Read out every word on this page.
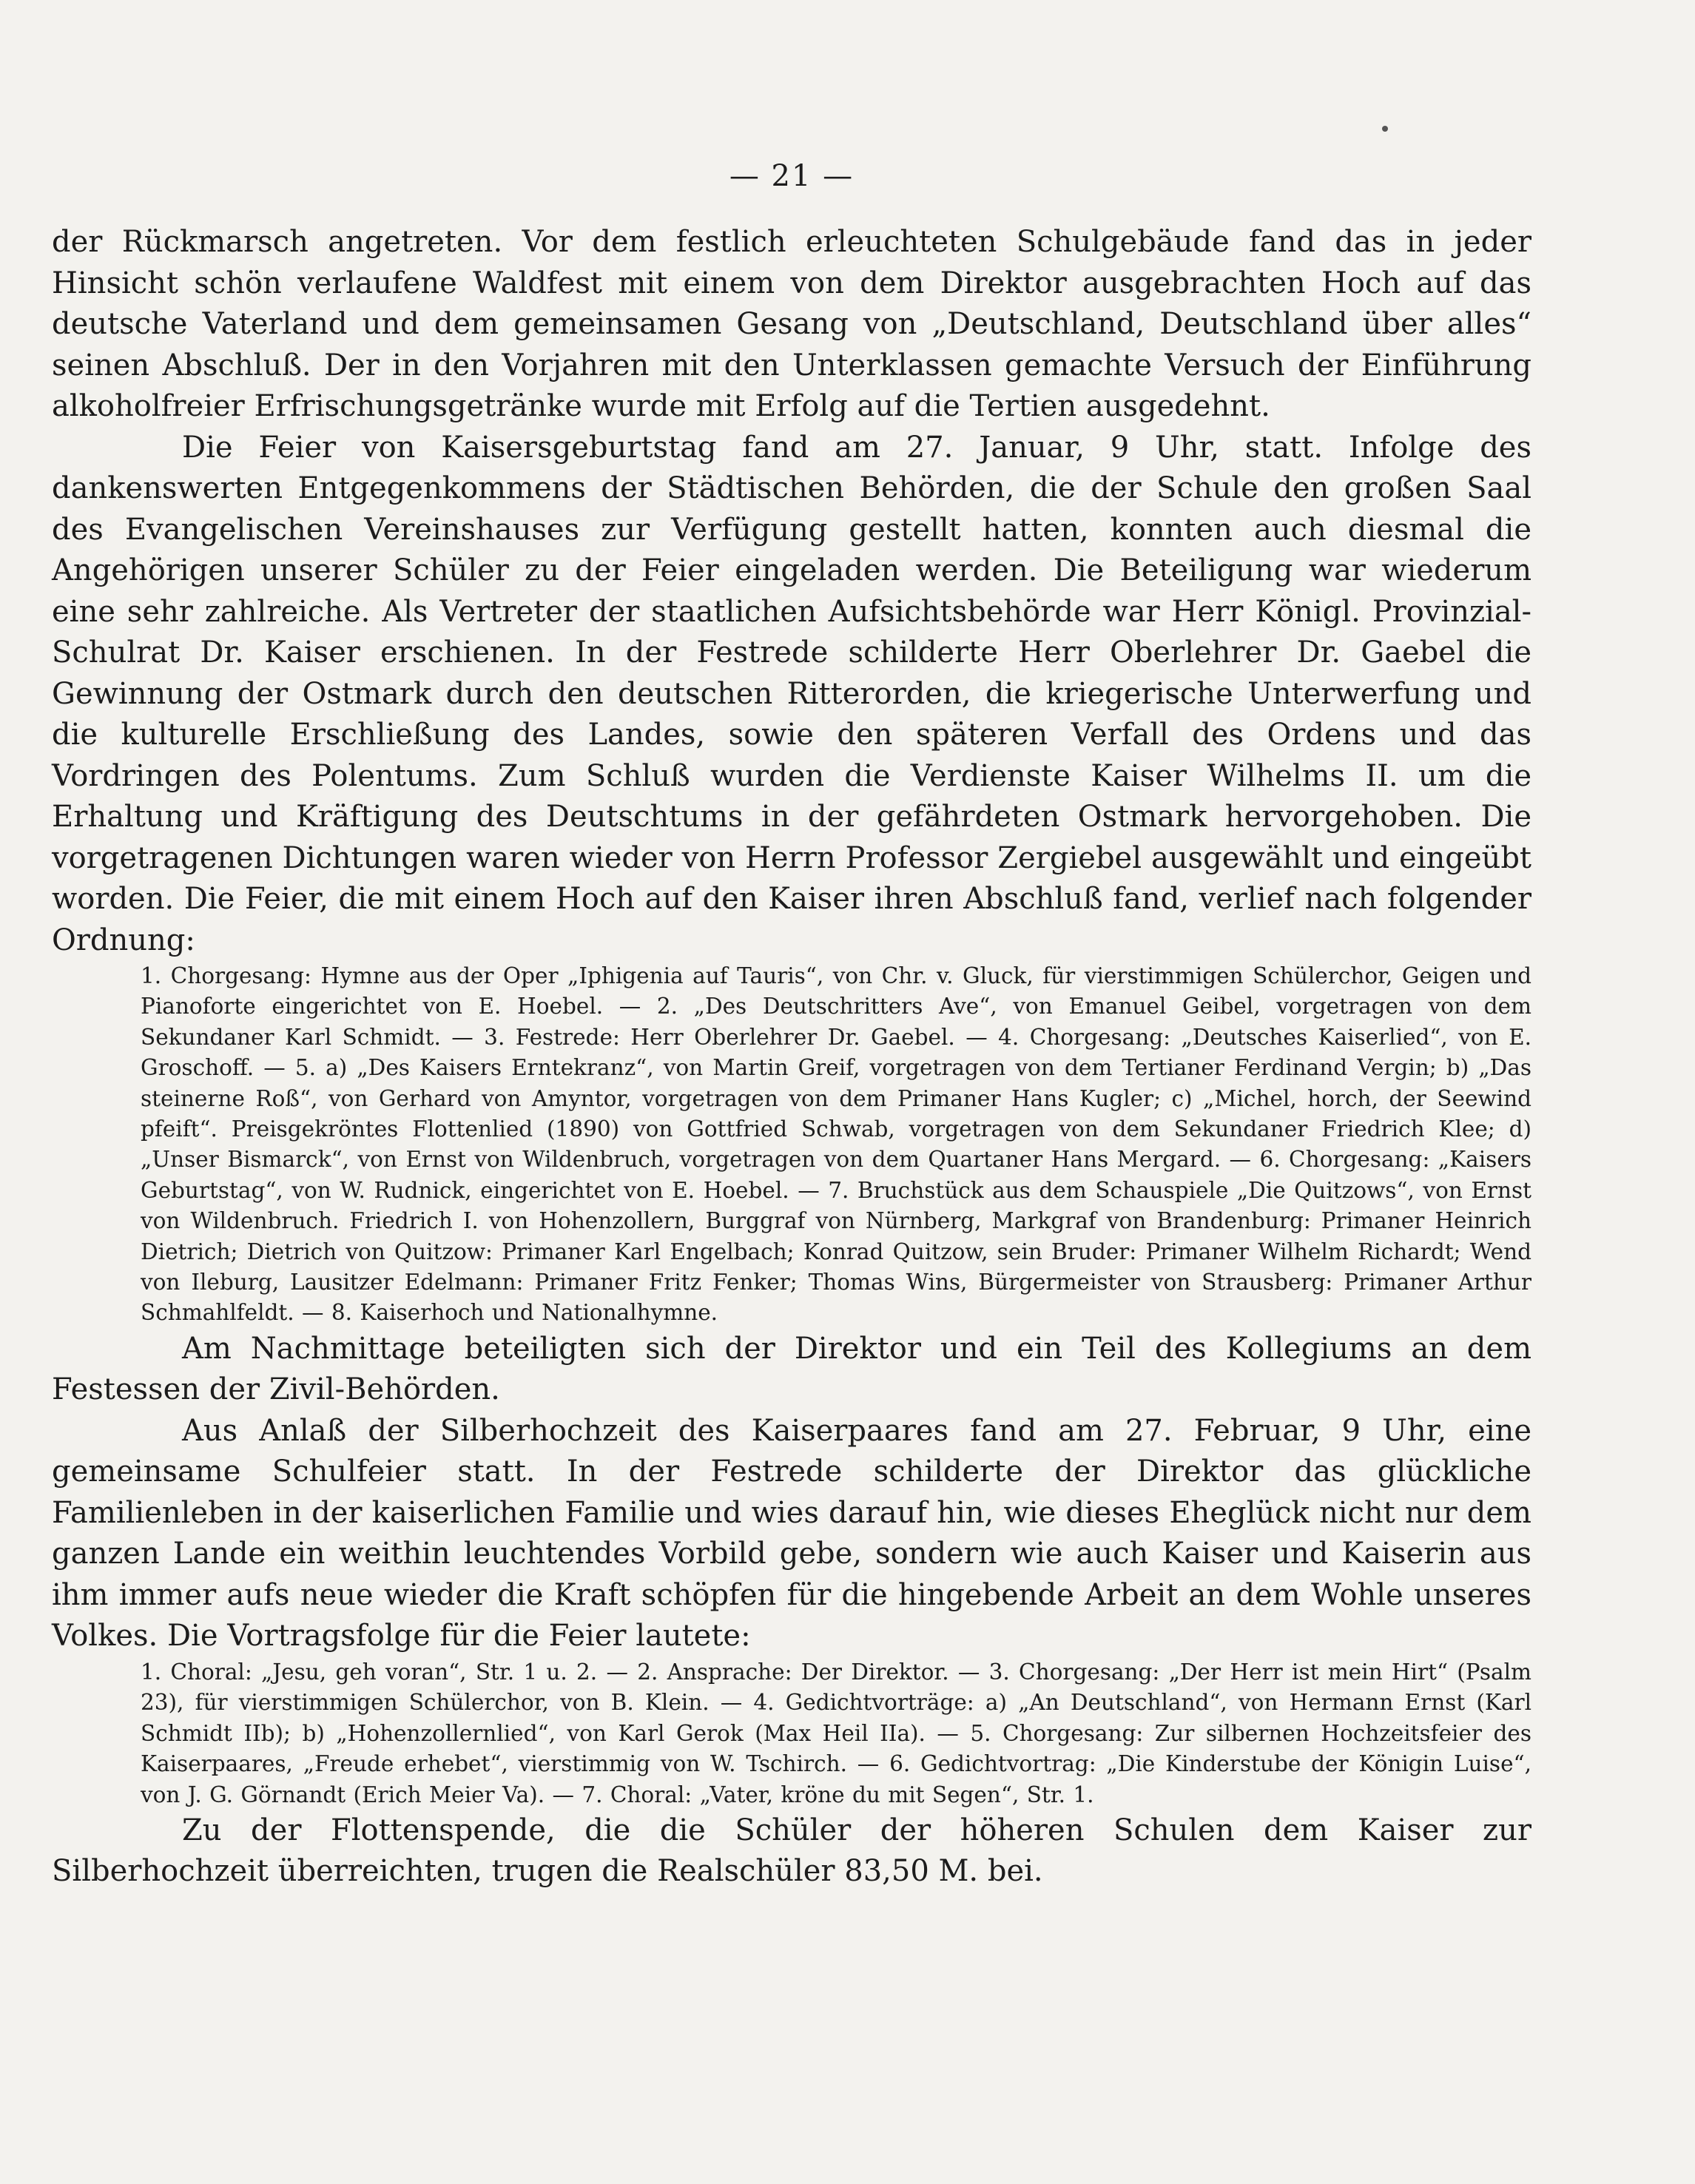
— 21 —

der Rückmarsch angetreten. Vor dem festlich erleuchteten Schulgebäude fand das in jeder Hinsicht schön verlaufene Waldfest mit einem von dem Direktor ausgebrachten Hoch auf das deutsche Vaterland und dem gemeinsamen Gesang von „Deutschland, Deutschland über alles“ seinen Abschluß. Der in den Vorjahren mit den Unterklassen gemachte Versuch der Einführung alkoholfreier Erfrischungsgetränke wurde mit Erfolg auf die Tertien ausgedehnt.

Die Feier von Kaisersgeburtstag fand am 27. Januar, 9 Uhr, statt. Infolge des dankenswerten Entgegenkommens der Städtischen Behörden, die der Schule den großen Saal des Evangelischen Vereinshauses zur Verfügung gestellt hatten, konnten auch diesmal die Angehörigen unserer Schüler zu der Feier eingeladen werden. Die Beteiligung war wiederum eine sehr zahlreiche. Als Vertreter der staatlichen Aufsichtsbehörde war Herr Königl. Provinzial-Schulrat Dr. Kaiser erschienen. In der Festrede schilderte Herr Oberlehrer Dr. Gaebel die Gewinnung der Ostmark durch den deutschen Ritterorden, die kriegerische Unterwerfung und die kulturelle Erschließung des Landes, sowie den späteren Verfall des Ordens und das Vordringen des Polentums. Zum Schluß wurden die Verdienste Kaiser Wilhelms II. um die Erhaltung und Kräftigung des Deutschtums in der gefährdeten Ostmark hervorgehoben. Die vorgetragenen Dichtungen waren wieder von Herrn Professor Zergiebel ausgewählt und eingeübt worden. Die Feier, die mit einem Hoch auf den Kaiser ihren Abschluß fand, verlief nach folgender Ordnung:

1. Chorgesang: Hymne aus der Oper „Iphigenia auf Tauris“, von Chr. v. Gluck, für vierstimmigen Schülerchor, Geigen und Pianoforte eingerichtet von E. Hoebel. — 2. „Des Deutschritters Ave“, von Emanuel Geibel, vorgetragen von dem Sekundaner Karl Schmidt. — 3. Festrede: Herr Oberlehrer Dr. Gaebel. — 4. Chorgesang: „Deutsches Kaiserlied“, von E. Groschoff. — 5. a) „Des Kaisers Erntekranz“, von Martin Greif, vorgetragen von dem Tertianer Ferdinand Vergin; b) „Das steinerne Roß“, von Gerhard von Amyntor, vorgetragen von dem Primaner Hans Kugler; c) „Michel, horch, der Seewind pfeift“. Preisgekröntes Flottenlied (1890) von Gottfried Schwab, vorgetragen von dem Sekundaner Friedrich Klee; d) „Unser Bismarck“, von Ernst von Wildenbruch, vorgetragen von dem Quartaner Hans Mergard. — 6. Chorgesang: „Kaisers Geburtstag“, von W. Rudnick, eingerichtet von E. Hoebel. — 7. Bruchstück aus dem Schauspiele „Die Quitzows“, von Ernst von Wildenbruch. Friedrich I. von Hohenzollern, Burggraf von Nürnberg, Markgraf von Brandenburg: Primaner Heinrich Dietrich; Dietrich von Quitzow: Primaner Karl Engelbach; Konrad Quitzow, sein Bruder: Primaner Wilhelm Richardt; Wend von Ileburg, Lausitzer Edelmann: Primaner Fritz Fenker; Thomas Wins, Bürgermeister von Strausberg: Primaner Arthur Schmahlfeldt. — 8. Kaiserhoch und Nationalhymne.

Am Nachmittage beteiligten sich der Direktor und ein Teil des Kollegiums an dem Festessen der Zivil-Behörden.

Aus Anlaß der Silberhochzeit des Kaiserpaares fand am 27. Februar, 9 Uhr, eine gemeinsame Schulfeier statt. In der Festrede schilderte der Direktor das glückliche Familienleben in der kaiserlichen Familie und wies darauf hin, wie dieses Eheglück nicht nur dem ganzen Lande ein weithin leuchtendes Vorbild gebe, sondern wie auch Kaiser und Kaiserin aus ihm immer aufs neue wieder die Kraft schöpfen für die hingebende Arbeit an dem Wohle unseres Volkes. Die Vortragsfolge für die Feier lautete:

1. Choral: „Jesu, geh voran“, Str. 1 u. 2. — 2. Ansprache: Der Direktor. — 3. Chorgesang: „Der Herr ist mein Hirt“ (Psalm 23), für vierstimmigen Schülerchor, von B. Klein. — 4. Gedichtvorträge: a) „An Deutschland“, von Hermann Ernst (Karl Schmidt IIb); b) „Hohenzollernlied“, von Karl Gerok (Max Heil IIa). — 5. Chorgesang: Zur silbernen Hochzeitsfeier des Kaiserpaares, „Freude erhebet“, vierstimmig von W. Tschirch. — 6. Gedichtvortrag: „Die Kinderstube der Königin Luise“, von J. G. Görnandt (Erich Meier Va). — 7. Choral: „Vater, kröne du mit Segen“, Str. 1.

Zu der Flottenspende, die die Schüler der höheren Schulen dem Kaiser zur Silberhochzeit überreichten, trugen die Realschüler 83,50 M. bei.
